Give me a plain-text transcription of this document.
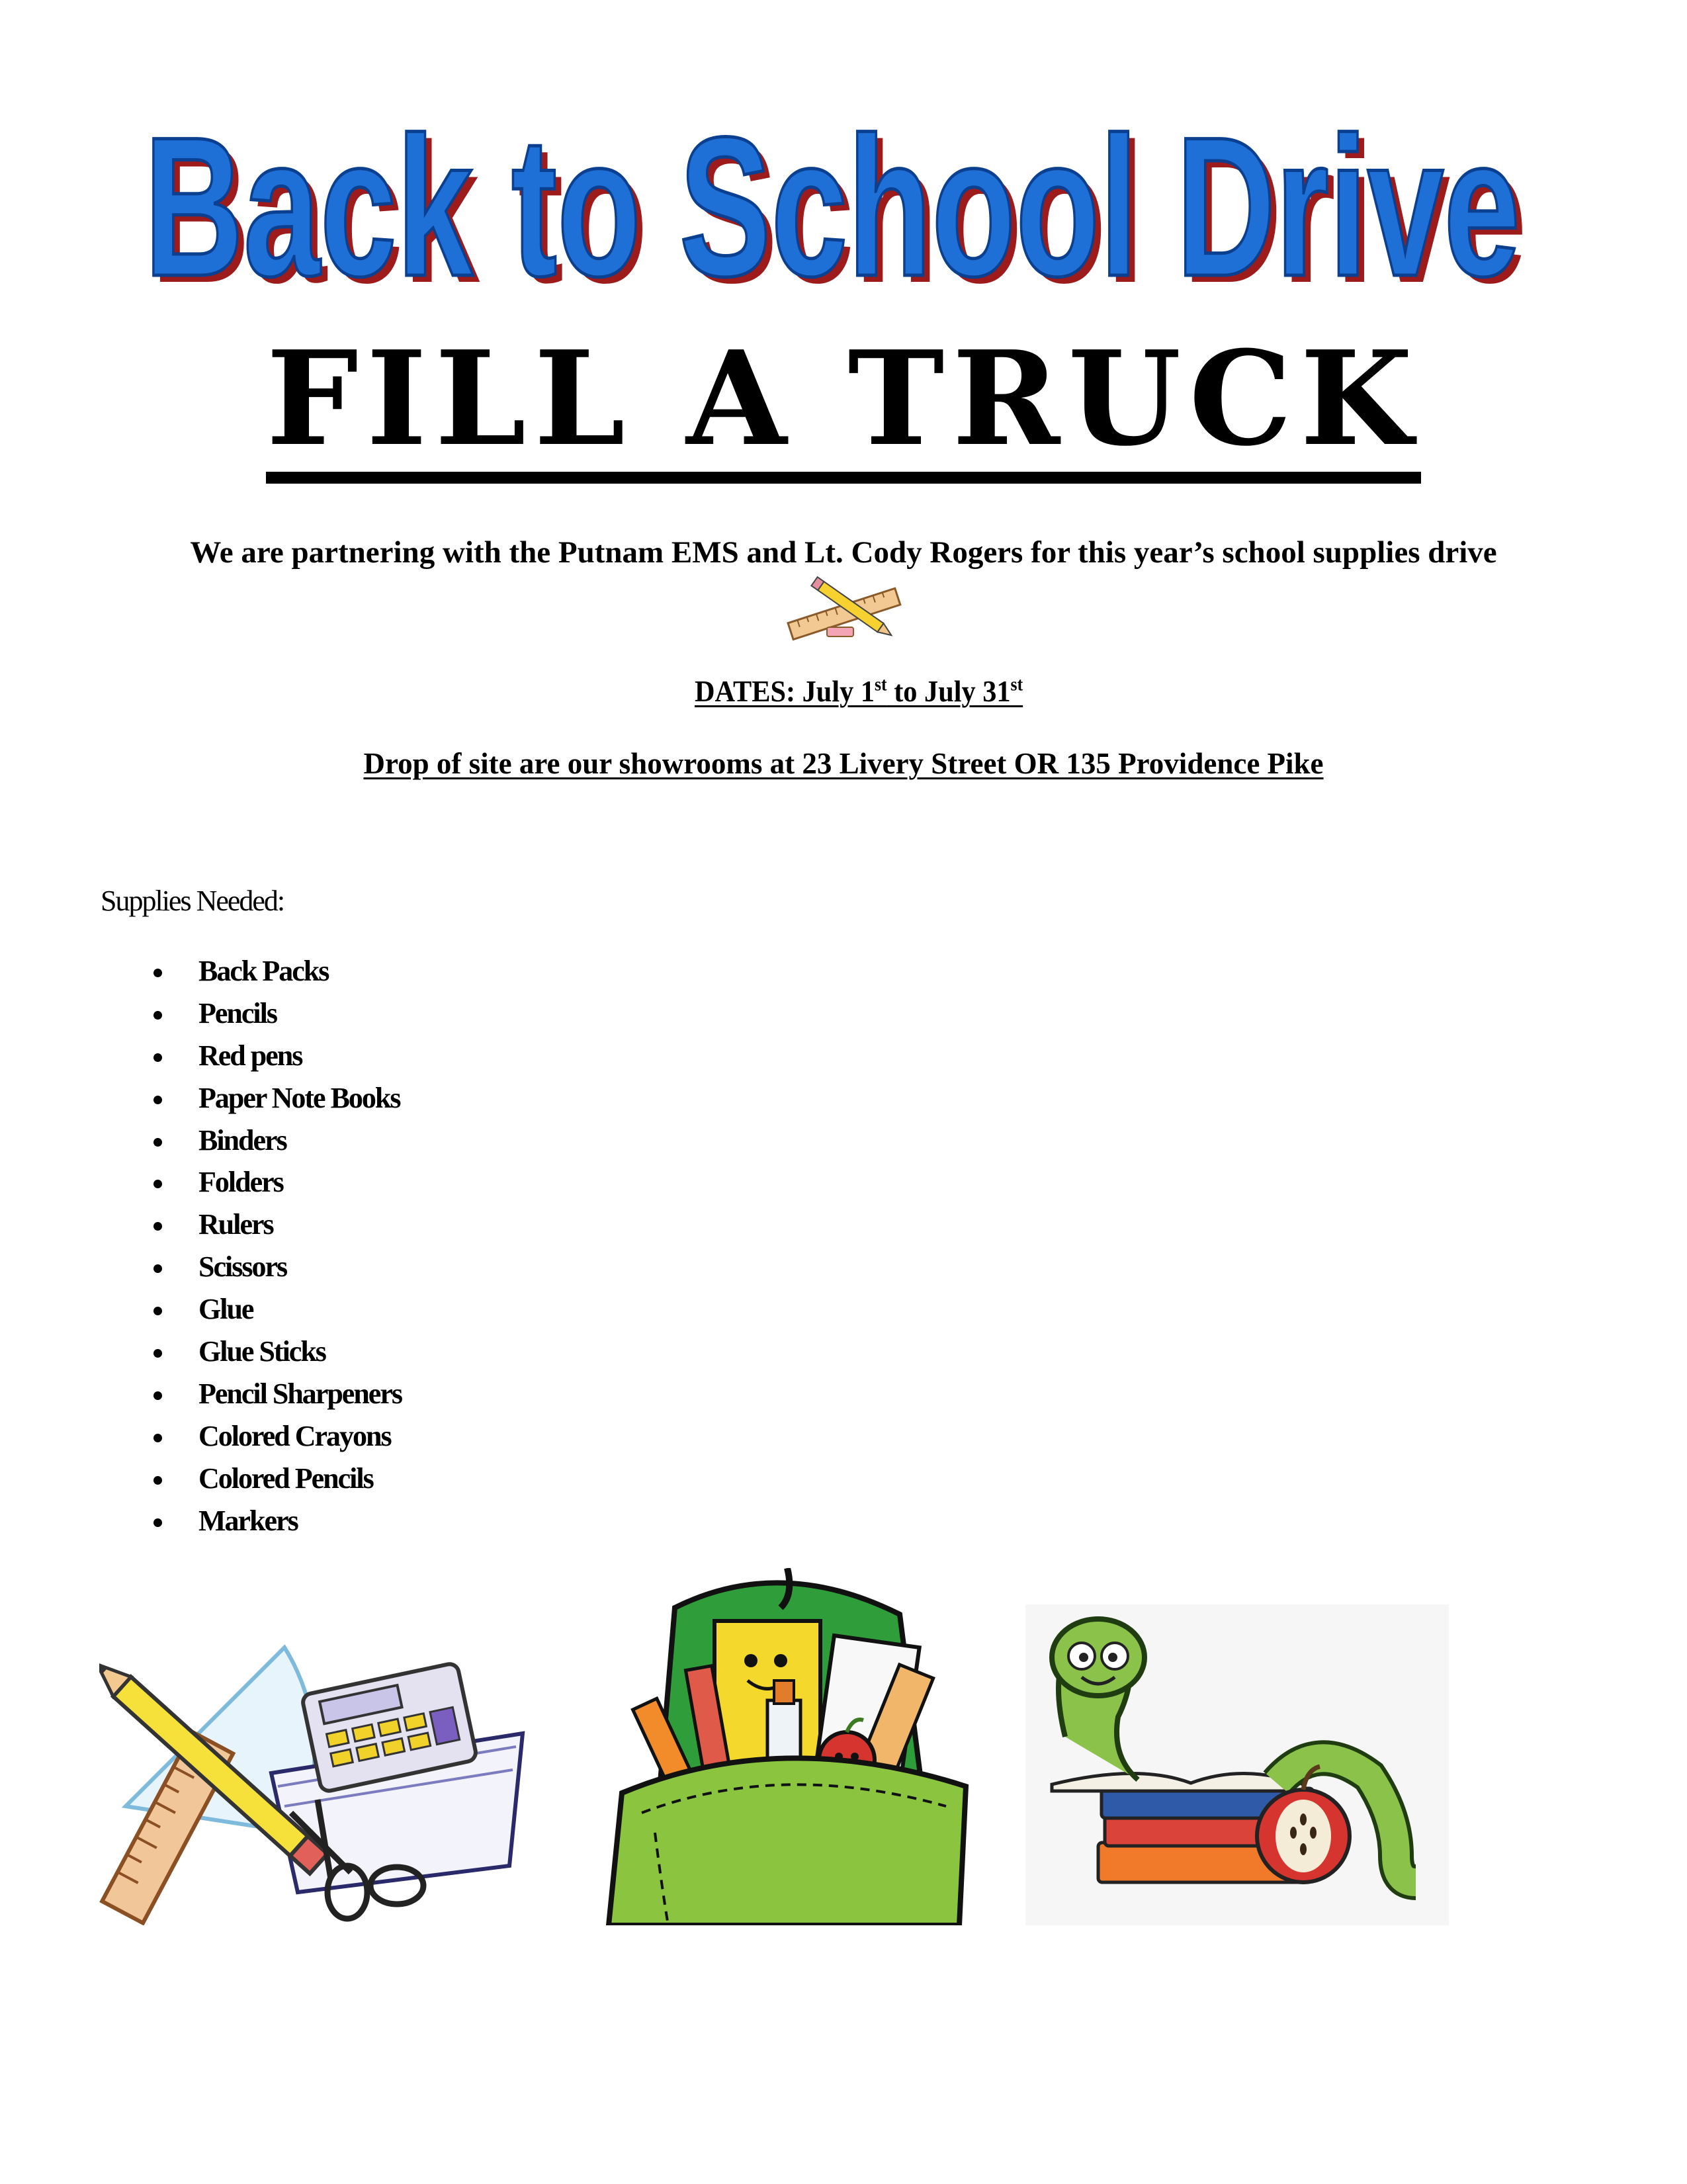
Back to School Drive
Back to School Drive
FILL A TRUCK
We are partnering with the Putnam EMS and Lt. Cody Rogers for this year’s school supplies drive
DATES: July 1st to July 31st
Drop of site are our showrooms at 23 Livery Street OR 135 Providence Pike
Supplies Needed:
Back Packs
Pencils
Red pens
Paper Note Books
Binders
Folders
Rulers
Scissors
Glue
Glue Sticks
Pencil Sharpeners
Colored Crayons
Colored Pencils
Markers
